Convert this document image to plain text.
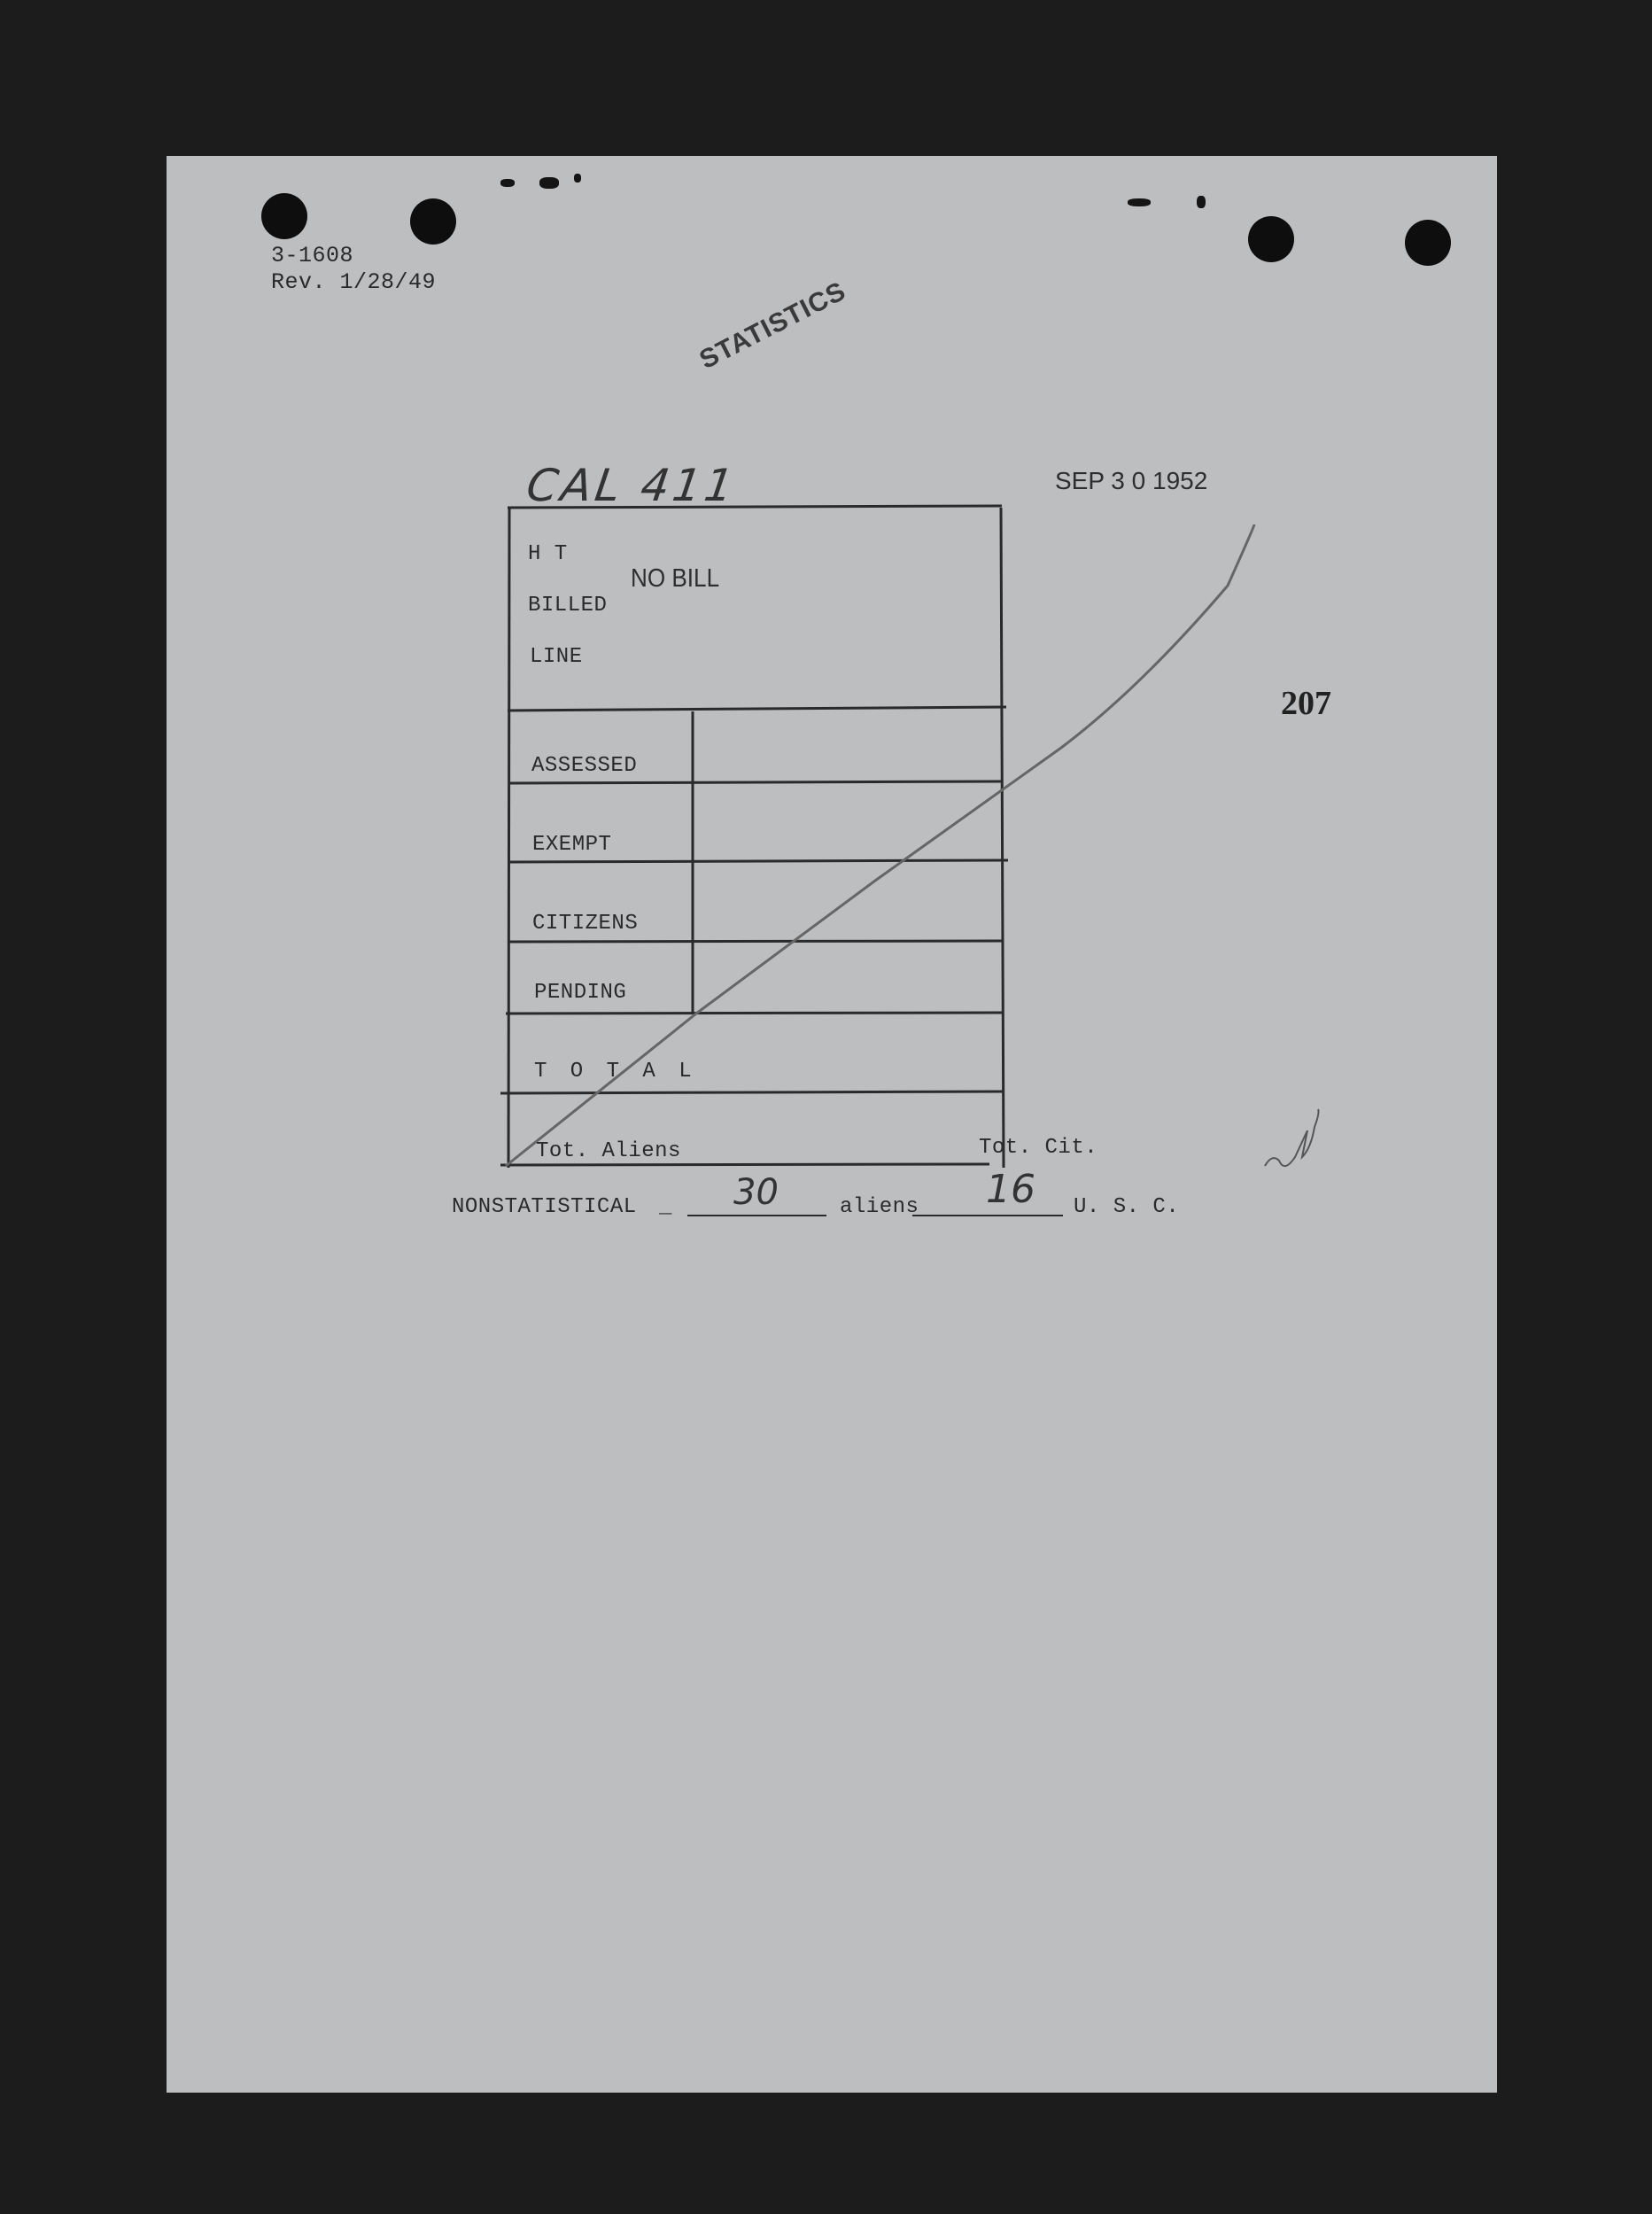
3-1608
Rev. 1/28/49	STATISTICS
CAL 411	SEP 3 0 1952
H T
BILLED
LINE
NO BILL
207
ASSESSED
EXEMPT
CITIZENS
PENDING
T O T A L
Tot. Aliens	Tot. Cit.
NONSTATISTICAL _ 30	aliens 16 U. S. C.
